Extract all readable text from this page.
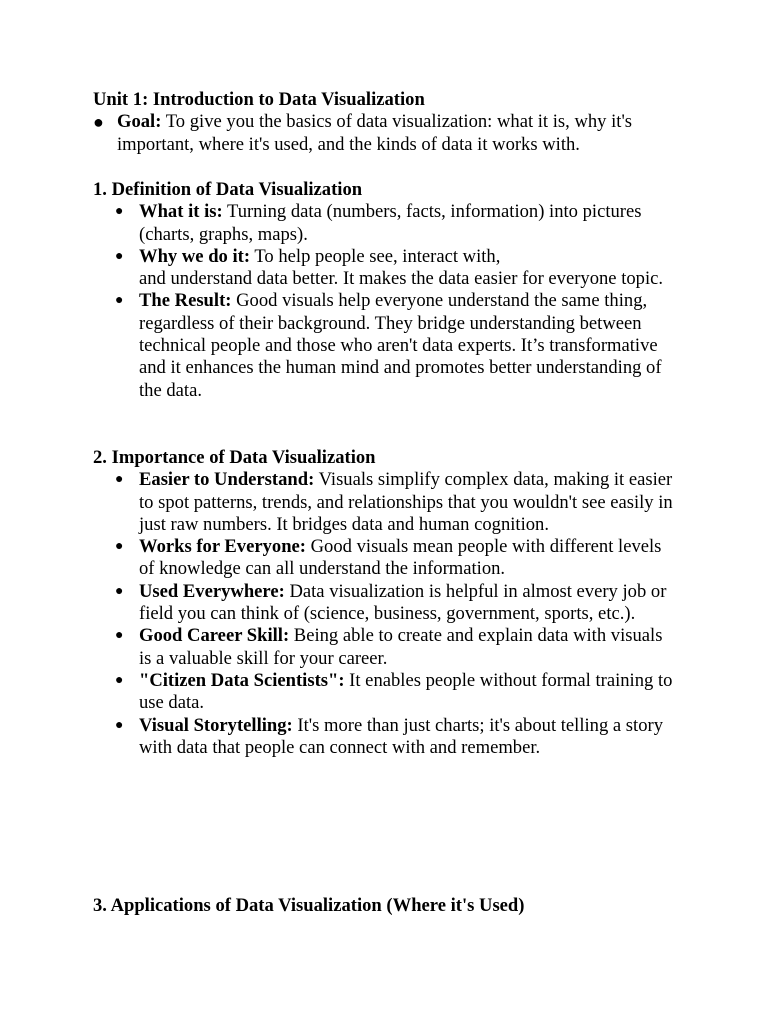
Unit 1: Introduction to Data Visualization

● Goal: To give you the basics of data visualization: what it is, why it's important, where it's used, and the kinds of data it works with.

1. Definition of Data Visualization

● What it is: Turning data (numbers, facts, information) into pictures (charts, graphs, maps).
● Why we do it: To help people see, interact with,
and understand data better. It makes the data easier for everyone topic.
● The Result: Good visuals help everyone understand the same thing, regardless of their background. They bridge understanding between technical people and those who aren't data experts. It’s transformative and it enhances the human mind and promotes better understanding of the data.

2. Importance of Data Visualization

● Easier to Understand: Visuals simplify complex data, making it easier to spot patterns, trends, and relationships that you wouldn't see easily in just raw numbers. It bridges data and human cognition.
● Works for Everyone: Good visuals mean people with different levels of knowledge can all understand the information.
● Used Everywhere: Data visualization is helpful in almost every job or field you can think of (science, business, government, sports, etc.).
● Good Career Skill: Being able to create and explain data with visuals is a valuable skill for your career.
● "Citizen Data Scientists": It enables people without formal training to use data.
● Visual Storytelling: It's more than just charts; it's about telling a story with data that people can connect with and remember.

3. Applications of Data Visualization (Where it's Used)
